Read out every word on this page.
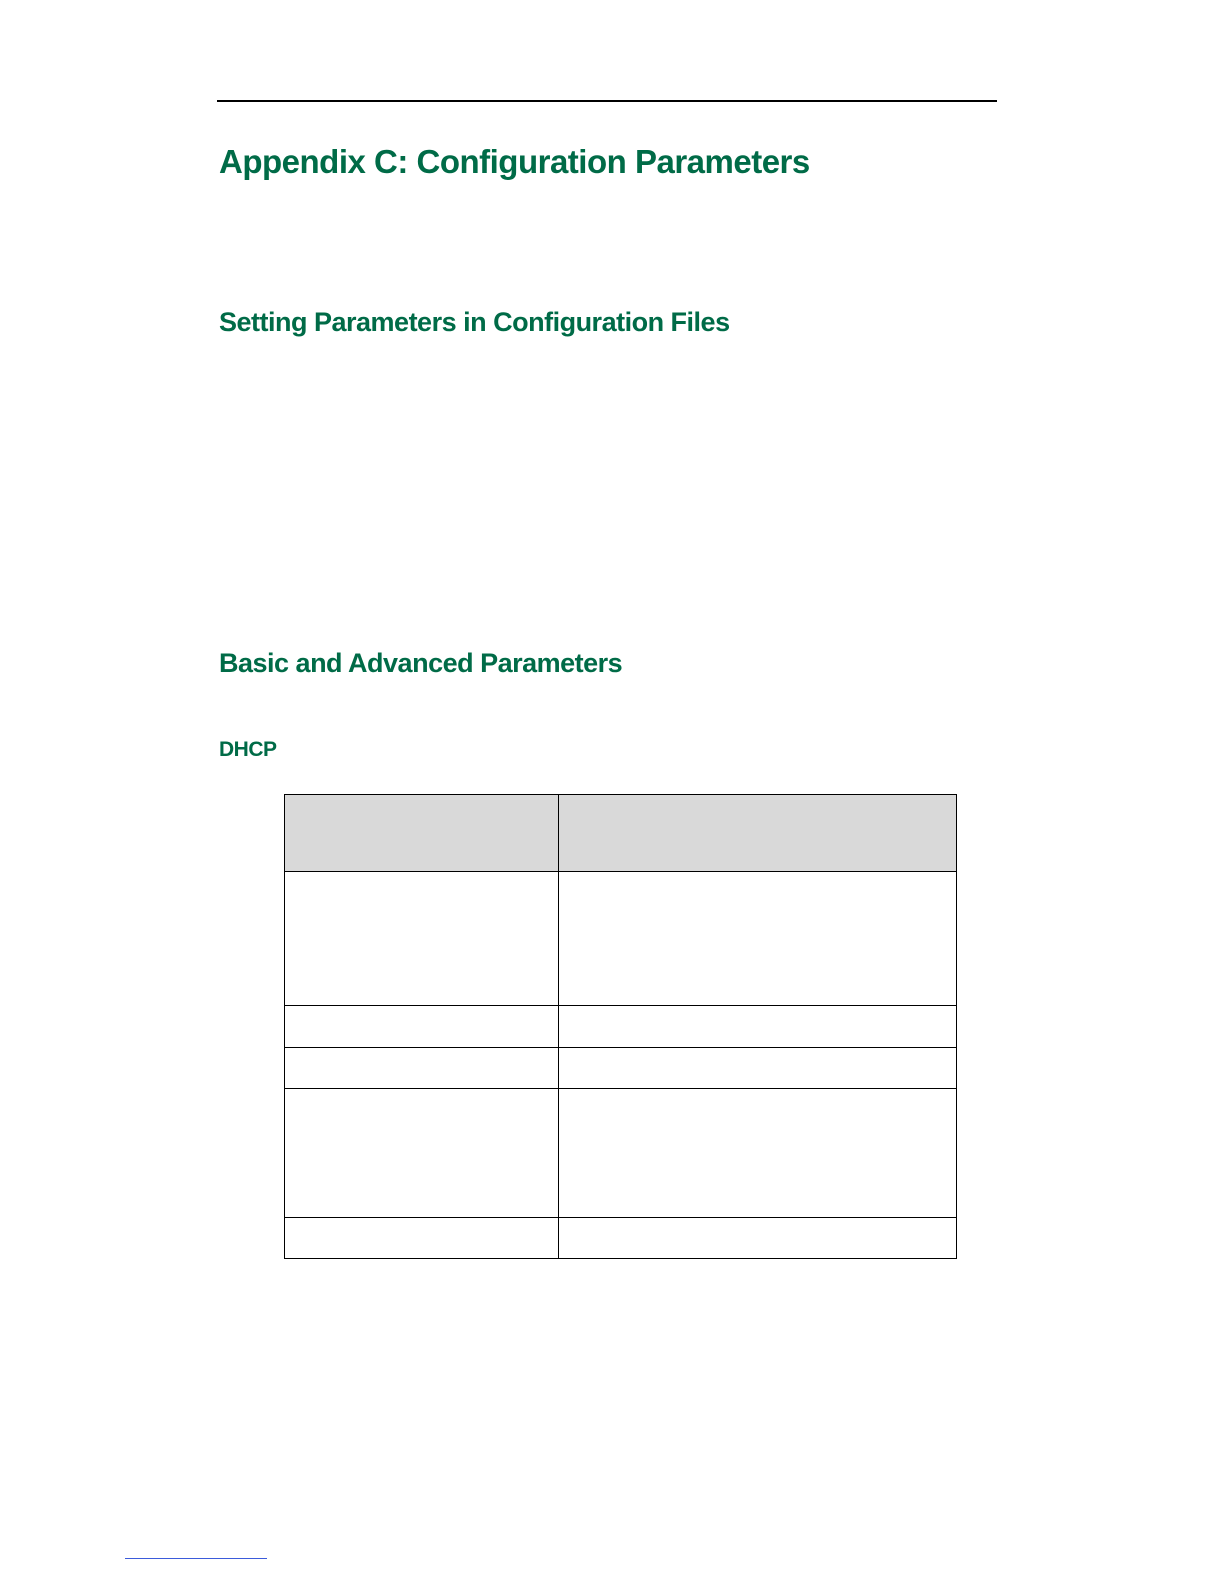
Appendix C: Configuration Parameters
Setting Parameters in Configuration Files
Basic and Advanced Parameters
DHCP
